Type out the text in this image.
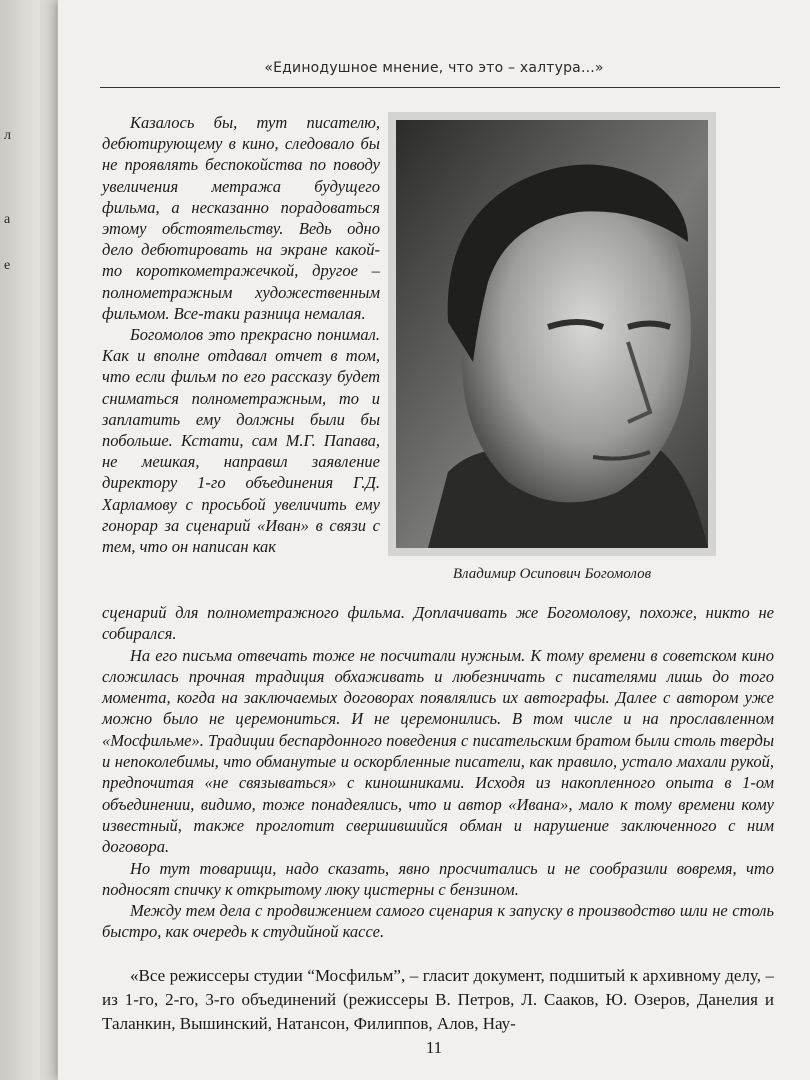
л
а
е
«Единодушное мнение, что это – халтура...»

Казалось бы, тут писателю, дебютирующему в кино, следовало бы не проявлять беспокойства по поводу увеличения метража будущего фильма, а несказанно порадоваться этому обстоятельству. Ведь одно дело дебютировать на экране какой-то короткометражечкой, другое – полнометражным художественным фильмом. Все-таки разница немалая.

Богомолов это прекрасно понимал. Как и вполне отдавал отчет в том, что если фильм по его рассказу будет сниматься полнометражным, то и заплатить ему должны были бы побольше. Кстати, сам М.Г. Папава, не мешкая, направил заявление директору 1-го объединения Г.Д. Харламову с просьбой увеличить ему гонорар за сценарий «Иван» в связи с тем, что он написан как

Владимир Осипович Богомолов

сценарий для полнометражного фильма. Доплачивать же Богомолову, похоже, никто не собирался.

На его письма отвечать тоже не посчитали нужным. К тому времени в советском кино сложилась прочная традиция обхаживать и любезничать с писателями лишь до того момента, когда на заключаемых договорах появлялись их автографы. Далее с автором уже можно было не церемониться. И не церемонились. В том числе и на прославленном «Мосфильме». Традиции беспардонного поведения с писательским братом были столь тверды и непоколебимы, что обманутые и оскорбленные писатели, как правило, устало махали рукой, предпочитая «не связываться» с киношниками. Исходя из накопленного опыта в 1-ом объединении, видимо, тоже понадеялись, что и автор «Ивана», мало к тому времени кому известный, также проглотит свершившийся обман и нарушение заключенного с ним договора.

Но тут товарищи, надо сказать, явно просчитались и не сообразили вовремя, что подносят спичку к открытому люку цистерны с бензином.

Между тем дела с продвижением самого сценария к запуску в производство шли не столь быстро, как очередь к студийной кассе.

«Все режиссеры студии “Мосфильм”, – гласит документ, подшитый к архивному делу, – из 1-го, 2-го, 3-го объединений (режиссеры В. Петров, Л. Сааков, Ю. Озеров, Данелия и Таланкин, Вышинский, Натансон, Филиппов, Алов, Нау-

11
